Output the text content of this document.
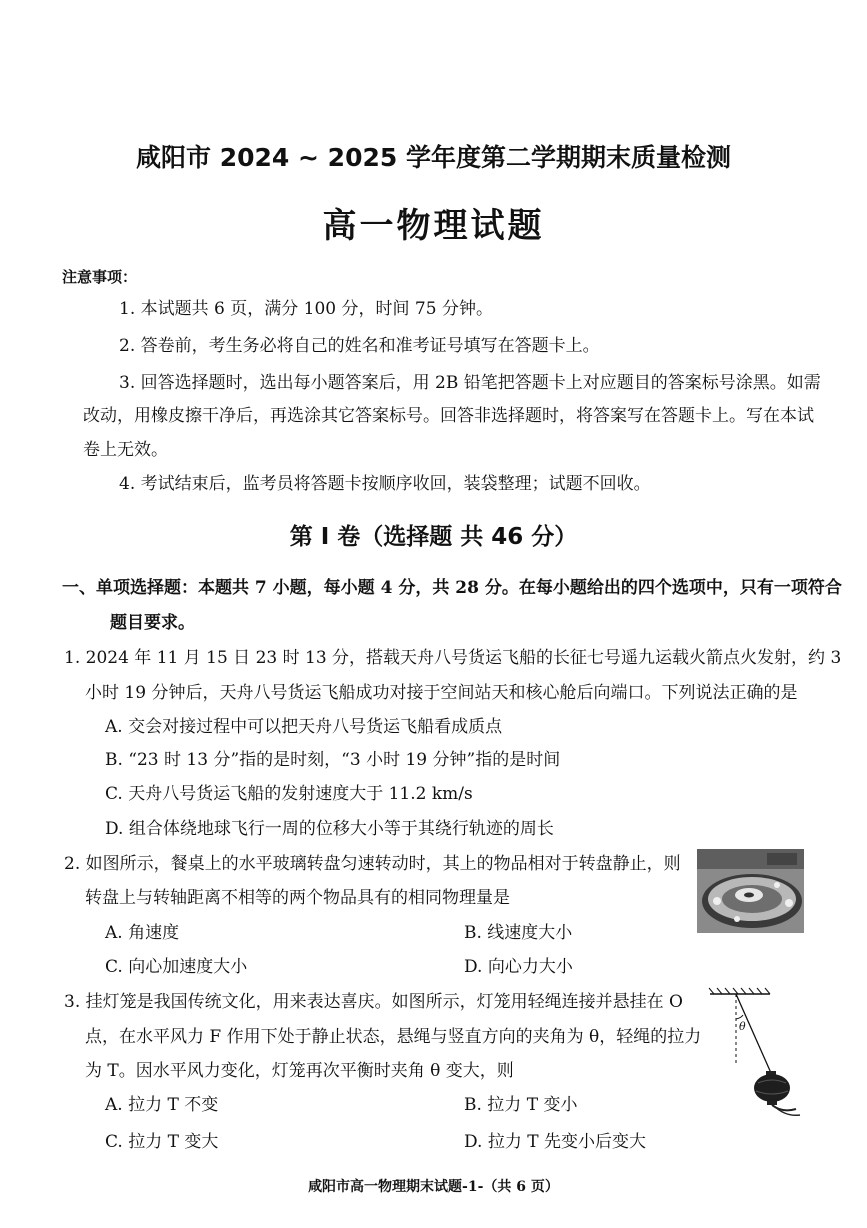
咸阳市 2024 ~ 2025 学年度第二学期期末质量检测
高一物理试题
注意事项：
1. 本试题共 6 页，满分 100 分，时间 75 分钟。
2. 答卷前，考生务必将自己的姓名和准考证号填写在答题卡上。
3. 回答选择题时，选出每小题答案后，用 2B 铅笔把答题卡上对应题目的答案标号涂黑。如需
改动，用橡皮擦干净后，再选涂其它答案标号。回答非选择题时，将答案写在答题卡上。写在本试
卷上无效。
4. 考试结束后，监考员将答题卡按顺序收回，装袋整理；试题不回收。
第 Ⅰ 卷（选择题 共 46 分）
一、单项选择题：本题共 7 小题，每小题 4 分，共 28 分。在每小题给出的四个选项中，只有一项符合
题目要求。
1. 2024 年 11 月 15 日 23 时 13 分，搭载天舟八号货运飞船的长征七号遥九运载火箭点火发射，约 3
小时 19 分钟后，天舟八号货运飞船成功对接于空间站天和核心舱后向端口。下列说法正确的是
A. 交会对接过程中可以把天舟八号货运飞船看成质点
B. “23 时 13 分”指的是时刻，“3 小时 19 分钟”指的是时间
C. 天舟八号货运飞船的发射速度大于 11.2 km/s
D. 组合体绕地球飞行一周的位移大小等于其绕行轨迹的周长
2. 如图所示，餐桌上的水平玻璃转盘匀速转动时，其上的物品相对于转盘静止，则
转盘上与转轴距离不相等的两个物品具有的相同物理量是
A. 角速度	B. 线速度大小
C. 向心加速度大小	D. 向心力大小
3. 挂灯笼是我国传统文化，用来表达喜庆。如图所示，灯笼用轻绳连接并悬挂在 O
点，在水平风力 F 作用下处于静止状态，悬绳与竖直方向的夹角为 θ，轻绳的拉力
为 T。因水平风力变化，灯笼再次平衡时夹角 θ 变大，则
A. 拉力 T 不变	B. 拉力 T 变小
C. 拉力 T 变大	D. 拉力 T 先变小后变大
θ
咸阳市高一物理期末试题-1-（共 6 页）
